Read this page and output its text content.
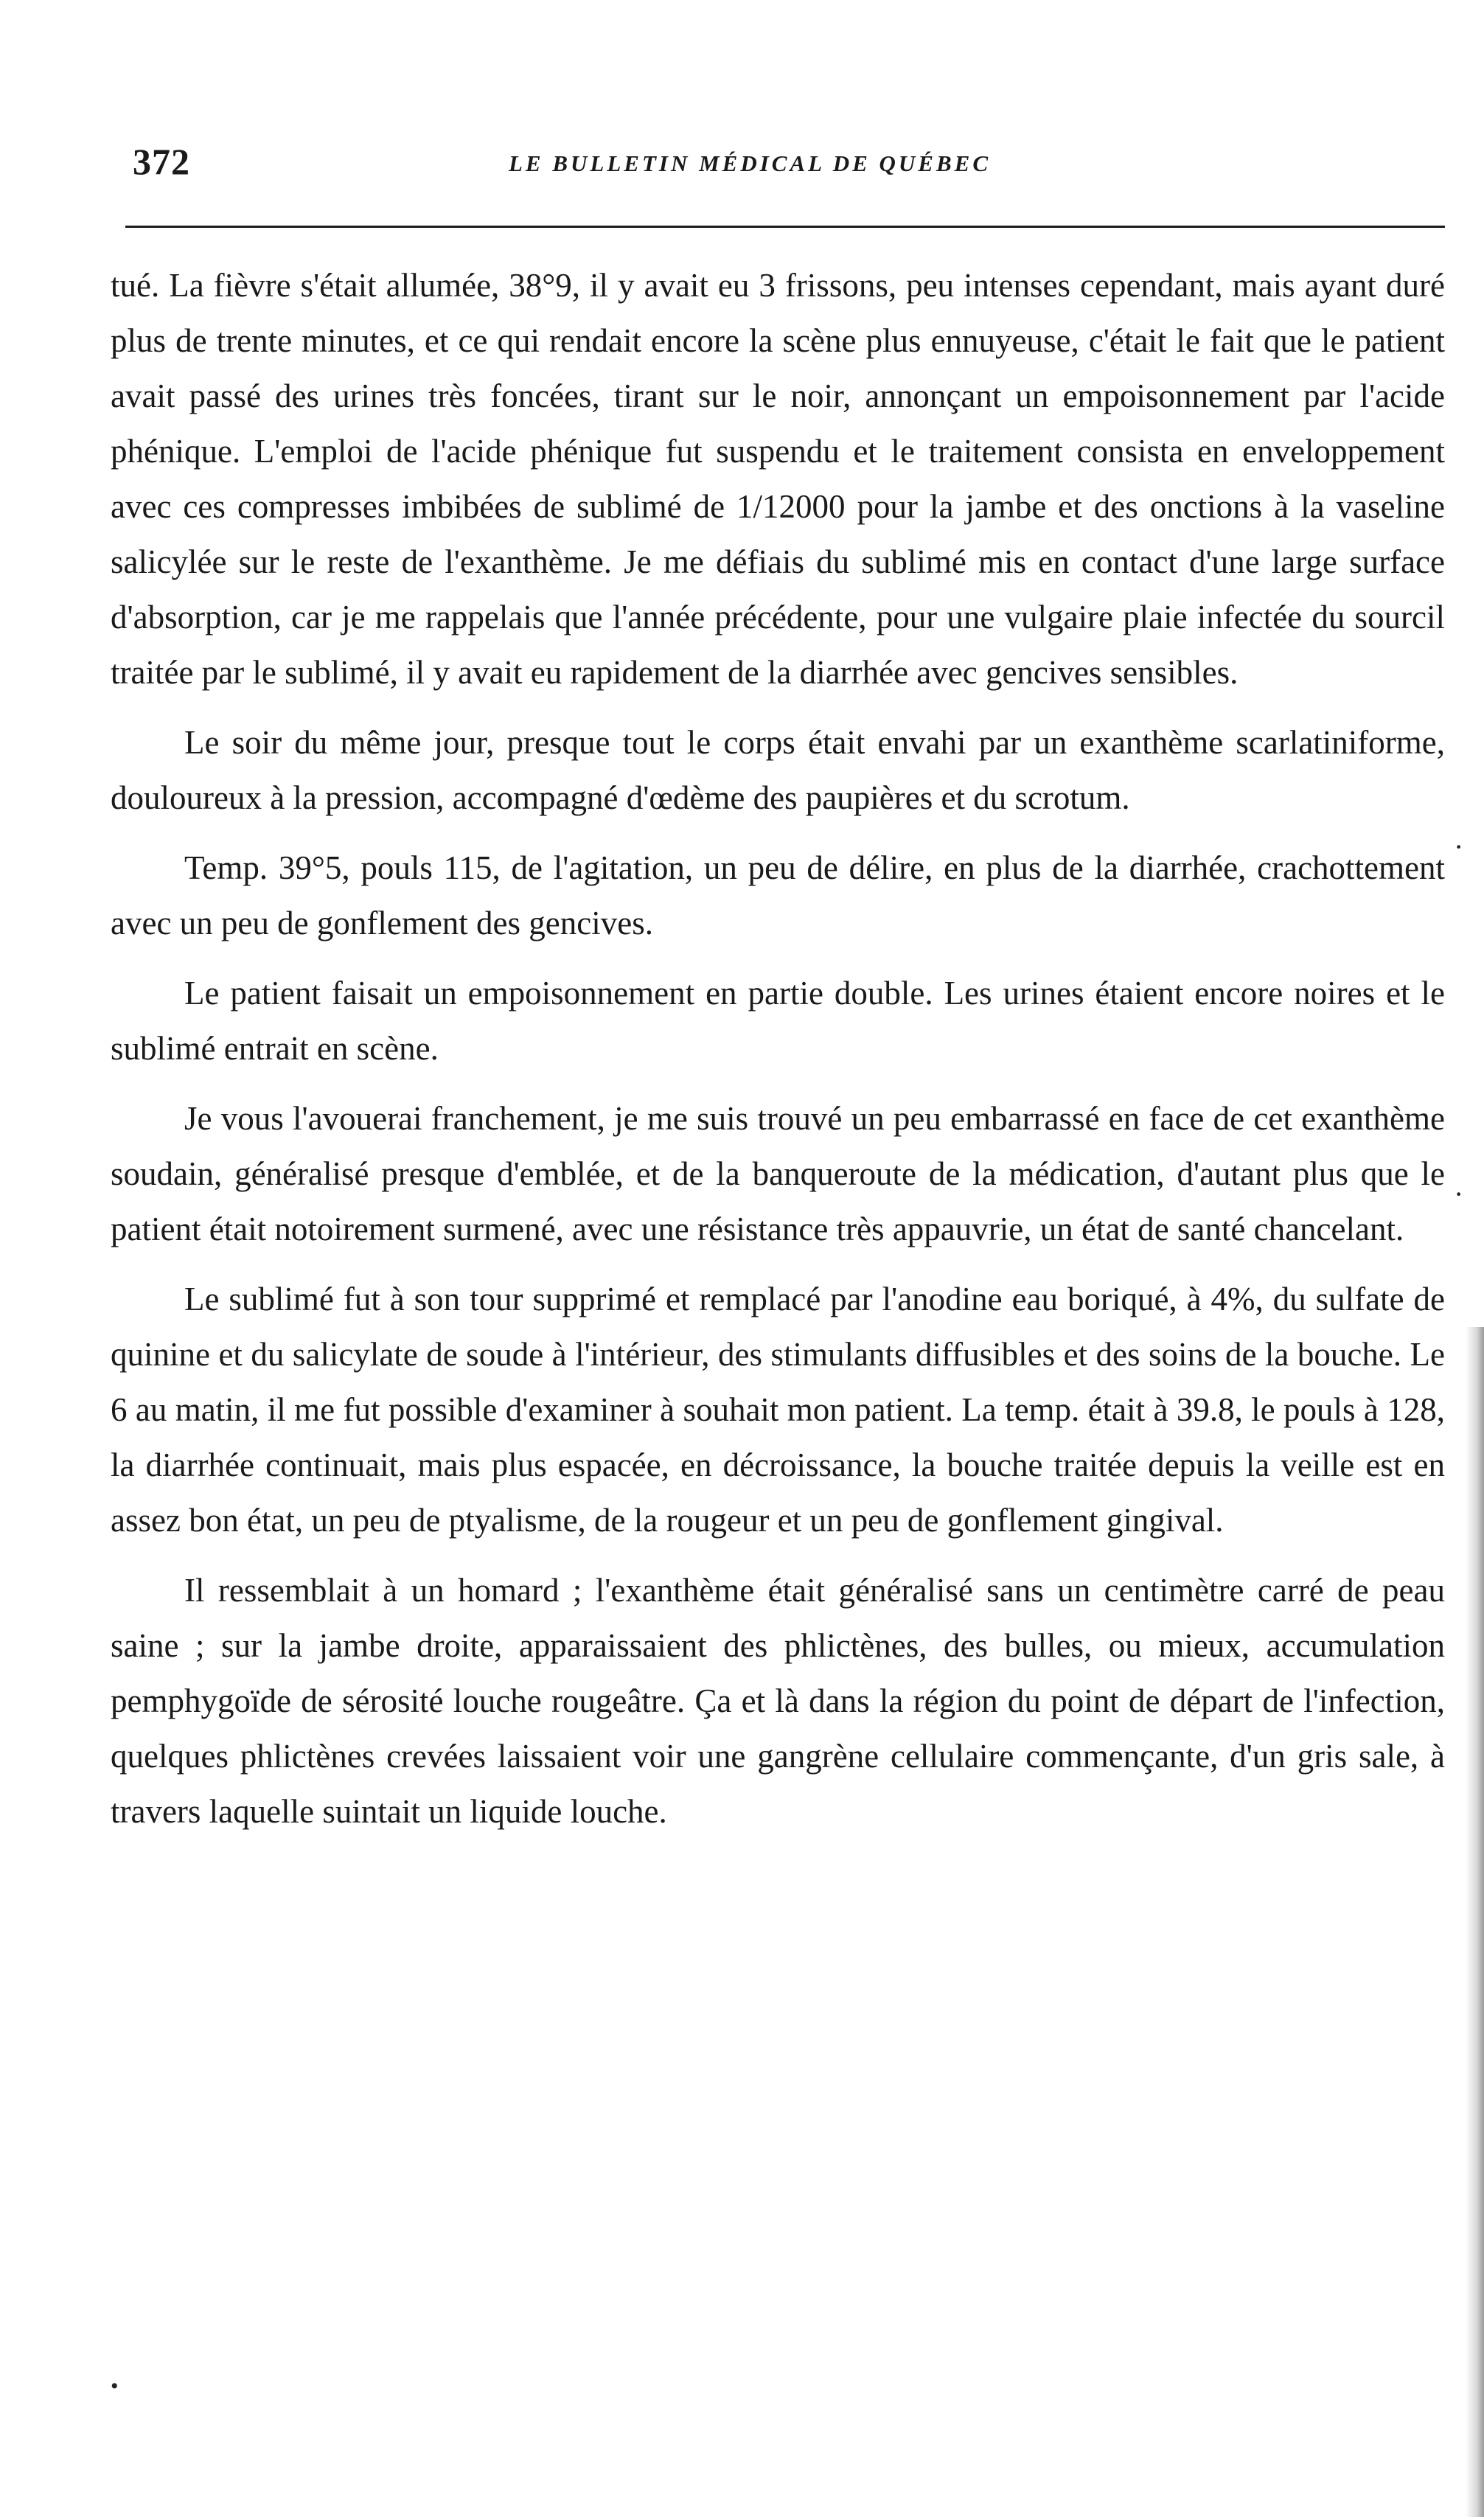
372	LE BULLETIN MÉDICAL DE QUÉBEC

tué. La fièvre s'était allumée, 38°9, il y avait eu 3 frissons, peu intenses cependant, mais ayant duré plus de trente minutes, et ce qui rendait encore la scène plus ennuyeuse, c'était le fait que le patient avait passé des urines très foncées, tirant sur le noir, annonçant un empoisonnement par l'acide phénique. L'emploi de l'acide phénique fut suspendu et le traitement consista en enveloppement avec ces compresses imbibées de sublimé de 1/12000 pour la jambe et des onctions à la vaseline salicylée sur le reste de l'exanthème. Je me défiais du sublimé mis en contact d'une large surface d'absorption, car je me rappelais que l'année précédente, pour une vulgaire plaie infectée du sourcil traitée par le sublimé, il y avait eu rapidement de la diarrhée avec gencives sensibles.

Le soir du même jour, presque tout le corps était envahi par un exanthème scarlatiniforme, douloureux à la pression, accompagné d'œdème des paupières et du scrotum.

Temp. 39°5, pouls 115, de l'agitation, un peu de délire, en plus de la diarrhée, crachottement avec un peu de gonflement des gencives.

Le patient faisait un empoisonnement en partie double. Les urines étaient encore noires et le sublimé entrait en scène.

Je vous l'avouerai franchement, je me suis trouvé un peu embarrassé en face de cet exanthème soudain, généralisé presque d'emblée, et de la banqueroute de la médication, d'autant plus que le patient était notoirement surmené, avec une résistance très appauvrie, un état de santé chancelant.

Le sublimé fut à son tour supprimé et remplacé par l'anodine eau boriqué, à 4%, du sulfate de quinine et du salicylate de soude à l'intérieur, des stimulants diffusibles et des soins de la bouche. Le 6 au matin, il me fut possible d'examiner à souhait mon patient. La temp. était à 39.8, le pouls à 128, la diarrhée continuait, mais plus espacée, en décroissance, la bouche traitée depuis la veille est en assez bon état, un peu de ptyalisme, de la rougeur et un peu de gonflement gingival.

Il ressemblait à un homard ; l'exanthème était généralisé sans un centimètre carré de peau saine ; sur la jambe droite, apparaissaient des phlictènes, des bulles, ou mieux, accumulation pemphygoïde de sérosité louche rougeâtre. Ça et là dans la région du point de départ de l'infection, quelques phlictènes crevées laissaient voir une gangrène cellulaire commençante, d'un gris sale, à travers laquelle suintait un liquide louche.

·
·
•
